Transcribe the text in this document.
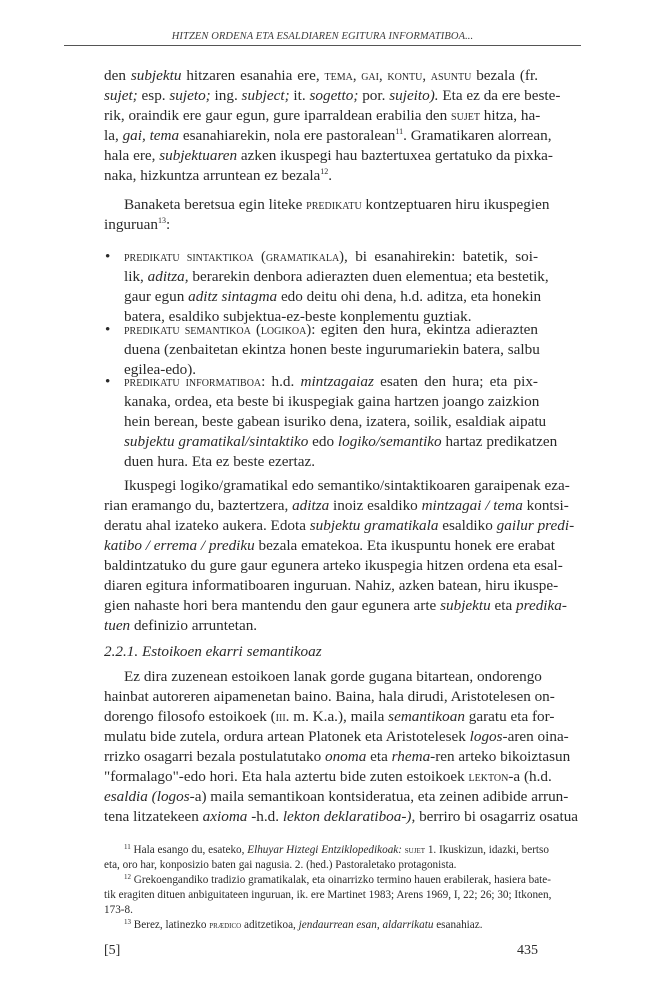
HITZEN ORDENA ETA ESALDIAREN EGITURA INFORMATIBOA...
den subjektu hitzaren esanahia ere, tema, gai, kontu, asuntu bezala (fr.
sujet; esp. sujeto; ing. subject; it. sogetto; por. sujeito). Eta ez da ere beste-
rik, oraindik ere gaur egun, gure iparraldean erabilia den sujet hitza, ha-
la, gai, tema esanahiarekin, nola ere pastoralean$^{11}$. Gramatikaren alorrean,
hala ere, subjektuaren azken ikuspegi hau baztertuxea gertatuko da pixka-
naka, hizkuntza arruntean ez bezala$^{12}$.
Banaketa beretsua egin liteke predikatu kontzeptuaren hiru ikuspegien
inguruan$^{13}$:
• predikatu sintaktikoa (gramatikala), bi esanahirekin: batetik, soi-
lik, aditza, berarekin denbora adierazten duen elementua; eta bestetik,
gaur egun aditz sintagma edo deitu ohi dena, h.d. aditza, eta honekin
batera, esaldiko subjektua-ez-beste konplementu guztiak.
• predikatu informatiboa: h.d. mintzagaiaz esaten den hura; eta pix-
kanaka, ordea, eta beste bi ikuspegiak gaina hartzen joango zaizkion
hein berean, beste gabean isuriko dena, izatera, soilik, esaldiak aipatu
subjektu gramatikal/sintaktiko edo logiko/semantiko hartaz predikatzen
duen hura. Eta ez beste ezertaz.
Ikuspegi logiko/gramatikal edo semantiko/sintaktikoaren garaipenak eza-
rian eramango du, baztertzera, aditza inoiz esaldiko mintzagai / tema kontsi-
deratu ahal izateko aukera. Edota subjektu gramatikala esaldiko gailur predi-
katibo / errema / prediku bezala ematekoa. Eta ikuspuntu honek ere erabat
baldintzatuko du gure gaur egunera arteko ikuspegia hitzen ordena eta esal-
diaren egitura informatiboaren inguruan. Nahiz, azken batean, hiru ikuspe-
gien nahaste hori bera mantendu den gaur egunera arte subjektu eta predika-
tuen definizio arruntetan.
2.2.1. Estoikoen ekarri semantikoaz
Ez dira zuzenean estoikoen lanak gorde gugana bitartean, ondorengo
hainbat autoreren aipamenetan baino. Baina, hala dirudi, Aristotelesen on-
dorengo filosofo estoikoek (iii. m. K.a.), maila semantikoan garatu eta for-
mulatu bide zutela, ordura artean Platonek eta Aristotelesek logos-aren oina-
rrizko osagarri bezala postulatutako onoma eta rhema-ren arteko bikoiztasun
"formalago"-edo hori. Eta hala aztertu bide zuten estoikoek lekton-a (h.d.
esaldia (logos-a) maila semantikoan kontsideratua, eta zeinen adibide arrun-
tena litzatekeen axioma -h.d. lekton deklaratiboa-), berriro bi osagarriz osatua
• predikatu semantikoa (logikoa): egiten den hura, ekintza adierazten
duena (zenbaitetan ekintza honen beste ingurumariekin batera, salbu
egilea-edo).
$^{11}$ Hala esango du, esateko, Elhuyar Hiztegi Entziklopedikoak: sujet 1. Ikuskizun, idazki, bertso
eta, oro har, konposizio baten gai nagusia. 2. (hed.) Pastoraletako protagonista.
$^{12}$ Grekoengandiko tradizio gramatikalak, eta oinarrizko termino hauen erabilerak, hasiera bate-
tik eragiten dituen anbiguitateen inguruan, ik. ere Martinet 1983; Arens 1969, I, 22; 26; 30; Itkonen,
173-8.
$^{13}$ Berez, latinezko prædico aditzetikoa, jendaurrean esan, aldarrikatu esanahiaz.
[5]	435
